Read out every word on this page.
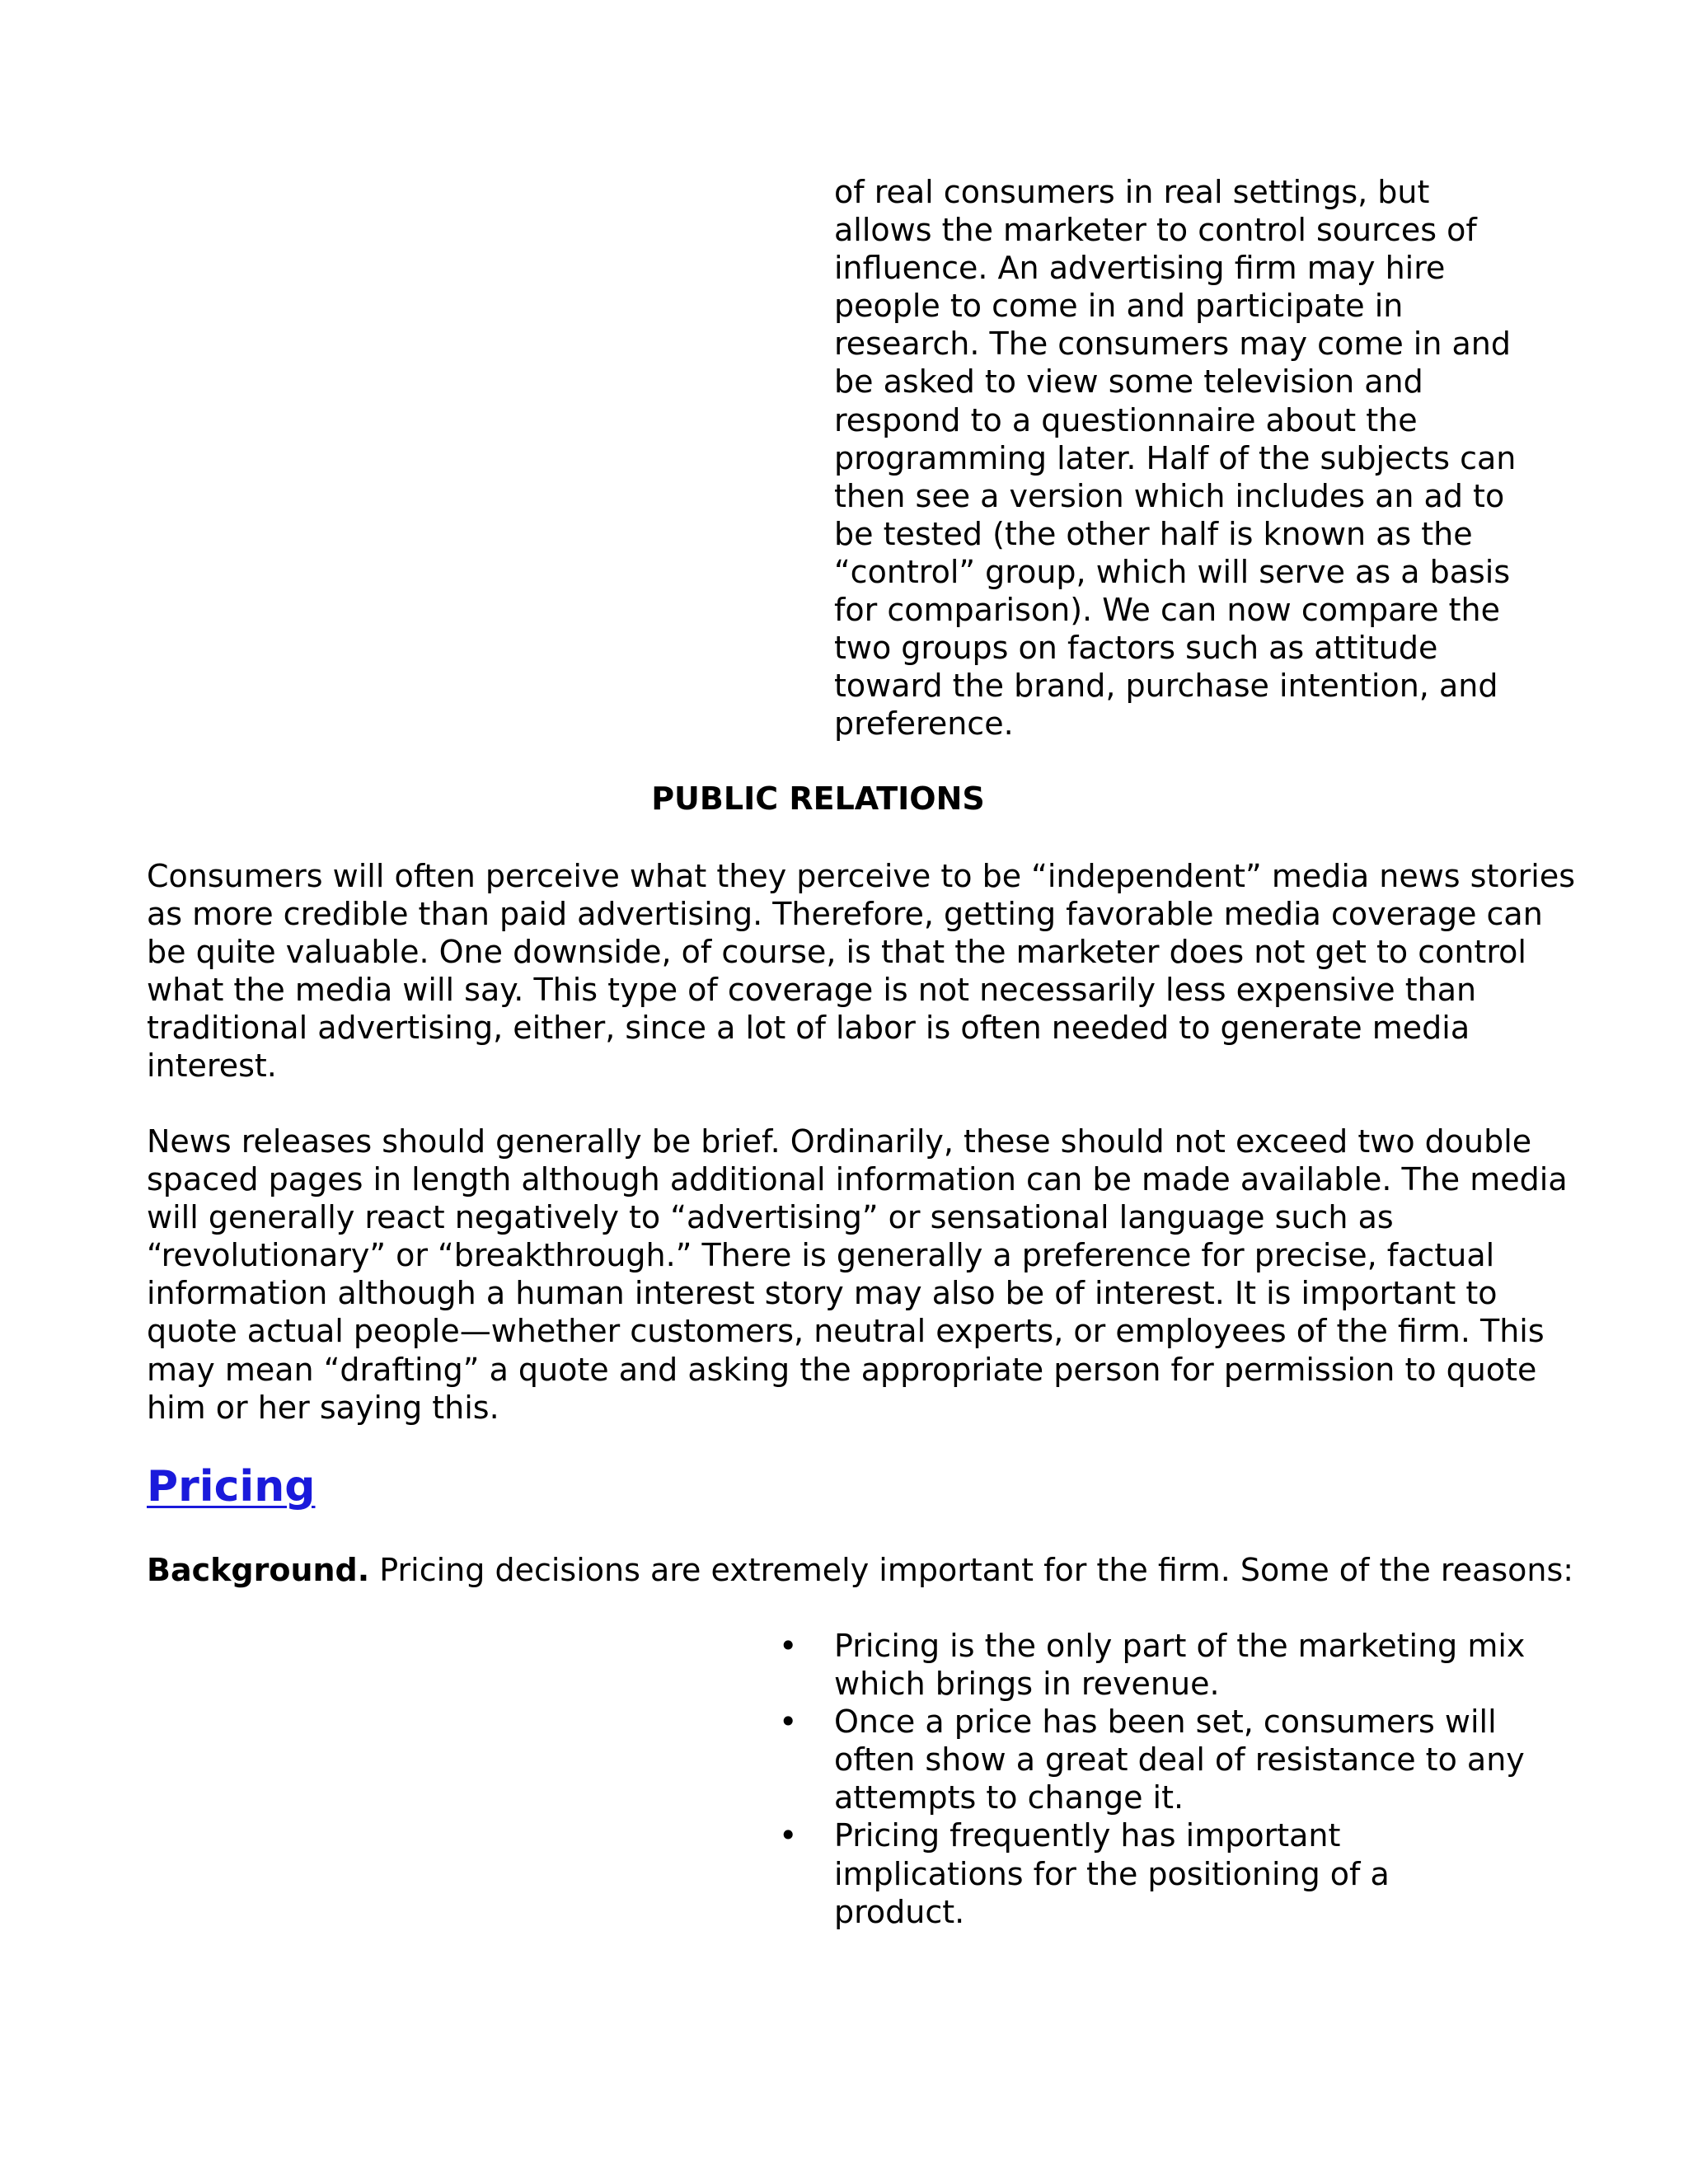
of real consumers in real settings, but
allows the marketer to control sources of
influence. An advertising firm may hire
people to come in and participate in
research. The consumers may come in and
be asked to view some television and
respond to a questionnaire about the
programming later. Half of the subjects can
then see a version which includes an ad to
be tested (the other half is known as the
“control” group, which will serve as a basis
for comparison). We can now compare the
two groups on factors such as attitude
toward the brand, purchase intention, and
preference.
PUBLIC RELATIONS
Consumers will often perceive what they perceive to be “independent” media news stories
as more credible than paid advertising. Therefore, getting favorable media coverage can
be quite valuable. One downside, of course, is that the marketer does not get to control
what the media will say. This type of coverage is not necessarily less expensive than
traditional advertising, either, since a lot of labor is often needed to generate media
interest.
News releases should generally be brief. Ordinarily, these should not exceed two double
spaced pages in length although additional information can be made available. The media
will generally react negatively to “advertising” or sensational language such as
“revolutionary” or “breakthrough.” There is generally a preference for precise, factual
information although a human interest story may also be of interest. It is important to
quote actual people—whether customers, neutral experts, or employees of the firm. This
may mean “drafting” a quote and asking the appropriate person for permission to quote
him or her saying this.
Pricing
Background. Pricing decisions are extremely important for the firm. Some of the reasons:
• Pricing is the only part of the marketing mix
which brings in revenue.
• Once a price has been set, consumers will
often show a great deal of resistance to any
attempts to change it.
• Pricing frequently has important
implications for the positioning of a
product.
